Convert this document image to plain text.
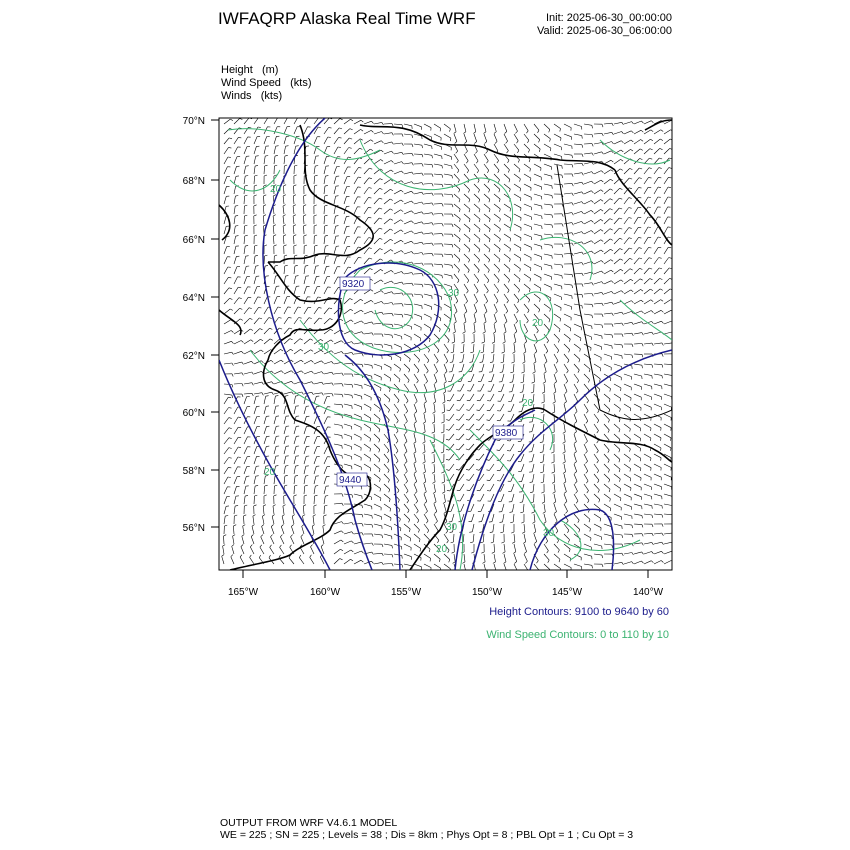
IWFAQRP Alaska Real Time WRF	Init: 2025-06-30_00:00:00
Valid: 2025-06-30_06:00:00
Height   (m)
Wind Speed   (kts)
Winds   (kts)
9320
9380
9440
20
30
20
30
20
20
30
30
20
70°N
68°N
66°N
64°N
62°N
60°N
58°N
56°N
165°W	160°W	155°W	150°W	145°W	140°W
Height Contours: 9100 to 9640 by 60
Wind Speed Contours: 0 to 110 by 10
OUTPUT FROM WRF V4.6.1 MODEL
WE = 225 ; SN = 225 ; Levels = 38 ; Dis = 8km ; Phys Opt = 8 ; PBL Opt = 1 ; Cu Opt = 3
